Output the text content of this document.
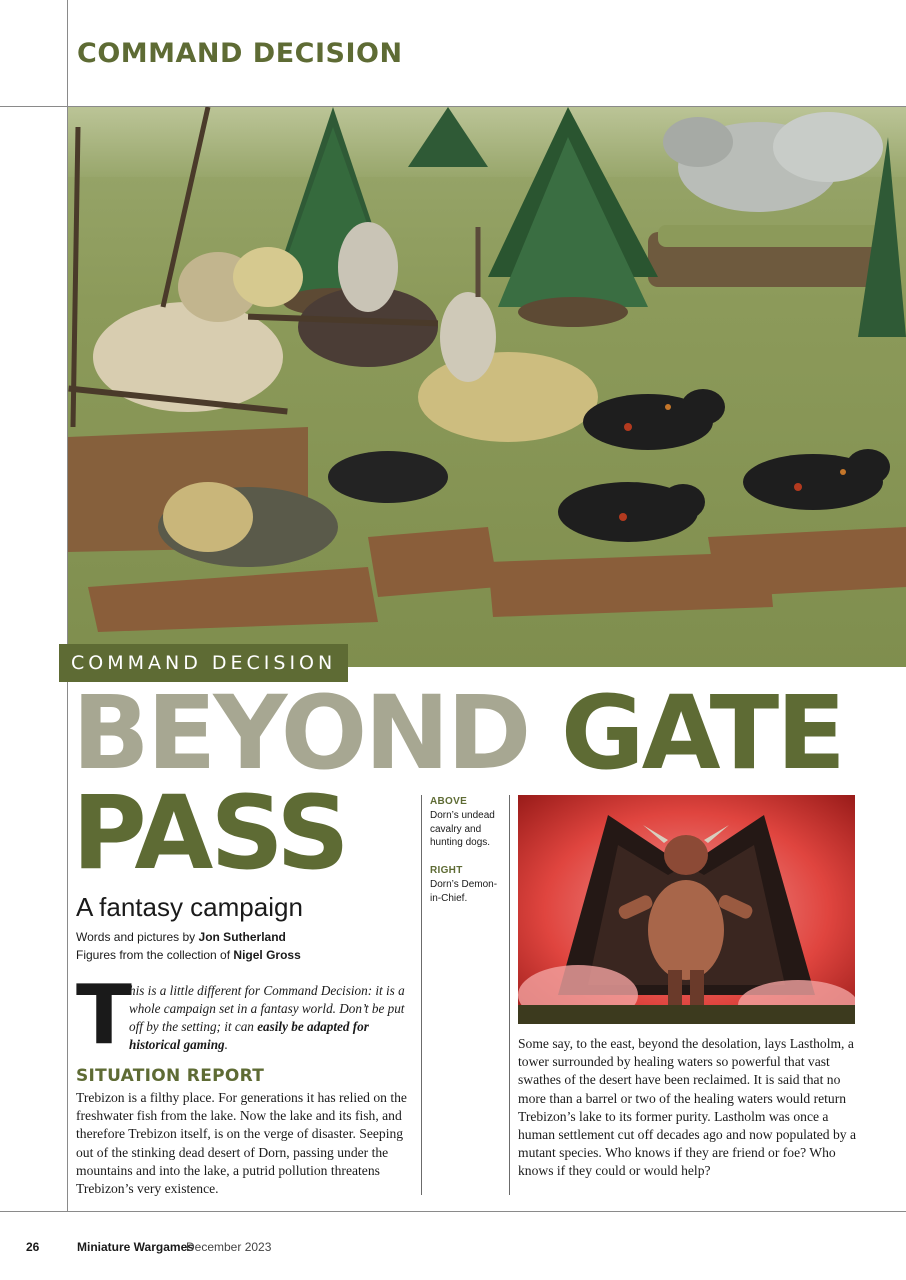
COMMAND DECISION
COMMAND DECISION
BEYOND GATE
PASS
A fantasy campaign
Words and pictures by Jon Sutherland
Figures from the collection of Nigel Gross
T
his is a little different for Command Decision: it is a whole campaign set in a fantasy world. Don’t be put off by the setting; it can easily be adapted for historical gaming.
SITUATION REPORT
Trebizon is a filthy place. For generations it has relied on the freshwater fish from the lake. Now the lake and its fish, and therefore Trebizon itself, is on the verge of disaster. Seeping out of the stinking dead desert of Dorn, passing under the mountains and into the lake, a putrid pollution threatens Trebizon’s very existence.
ABOVE
Dorn’s undead cavalry and hunting dogs.
RIGHT
Dorn’s Demon-in-Chief.
Some say, to the east, beyond the desolation, lays Lastholm, a tower surrounded by healing waters so powerful that vast swathes of the desert have been reclaimed. It is said that no more than a barrel or two of the healing waters would return Trebizon’s lake to its former purity. Lastholm was once a human settlement cut off decades ago and now populated by a mutant species. Who knows if they are friend or foe? Who knows if they could or would help?
26	Miniature Wargames
December 2023
